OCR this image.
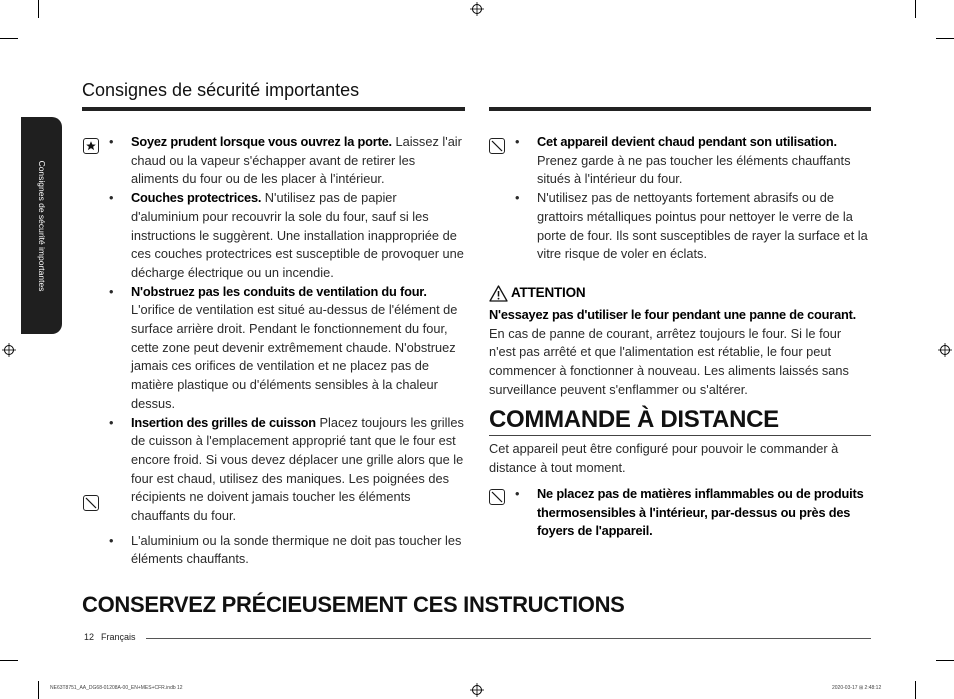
Consignes de sécurité importantes
Consignes de sécurité importantes
• Soyez prudent lorsque vous ouvrez la porte. Laissez l'air chaud ou la vapeur s'échapper avant de retirer les aliments du four ou de les placer à l'intérieur.
• Couches protectrices. N'utilisez pas de papier d'aluminium pour recouvrir la sole du four, sauf si les instructions le suggèrent. Une installation inappropriée de ces couches protectrices est susceptible de provoquer une décharge électrique ou un incendie.
• N'obstruez pas les conduits de ventilation du four. L'orifice de ventilation est situé au-dessus de l'élément de surface arrière droit. Pendant le fonctionnement du four, cette zone peut devenir extrêmement chaude. N'obstruez jamais ces orifices de ventilation et ne placez pas de matière plastique ou d'éléments sensibles à la chaleur dessus.
• Insertion des grilles de cuisson Placez toujours les grilles de cuisson à l'emplacement approprié tant que le four est encore froid. Si vous devez déplacer une grille alors que le four est chaud, utilisez des maniques. Les poignées des récipients ne doivent jamais toucher les éléments chauffants du four.
• L'aluminium ou la sonde thermique ne doit pas toucher les éléments chauffants.
• Cet appareil devient chaud pendant son utilisation.
Prenez garde à ne pas toucher les éléments chauffants situés à l'intérieur du four.
• N'utilisez pas de nettoyants fortement abrasifs ou de grattoirs métalliques pointus pour nettoyer le verre de la porte de four. Ils sont susceptibles de rayer la surface et la vitre risque de voler en éclats.
ATTENTION
N'essayez pas d'utiliser le four pendant une panne de courant. En cas de panne de courant, arrêtez toujours le four. Si le four n'est pas arrêté et que l'alimentation est rétablie, le four peut commencer à fonctionner à nouveau. Les aliments laissés sans surveillance peuvent s'enflammer ou s'altérer.
COMMANDE À DISTANCE
Cet appareil peut être configuré pour pouvoir le commander à distance à tout moment.
• Ne placez pas de matières inflammables ou de produits thermosensibles à l'intérieur, par-dessus ou près des foyers de l'appareil.
CONSERVEZ PRÉCIEUSEMENT CES INSTRUCTIONS
12 Français
NE63T8751_AA_DG68-01208A-00_EN+MES+CFR.indb 12	2020-03-17 ⊞ 2:48:12
